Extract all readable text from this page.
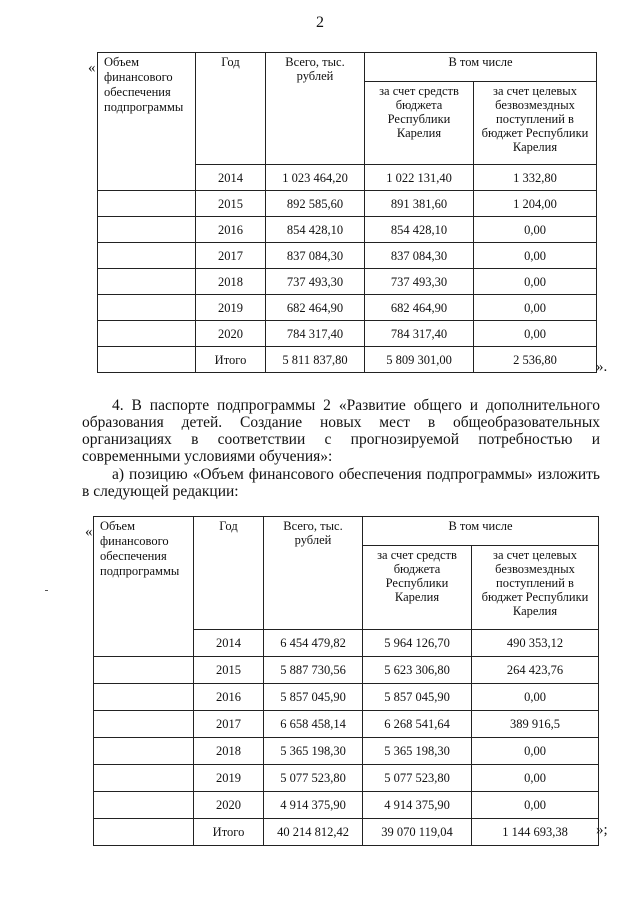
2
« Объем финансового обеспечения подпрограммы	Год	Всего, тыс. рублей	В том числе	
			за счет средств бюджета Республики Карелия	за счет целевых безвозмездных поступлений в бюджет Республики Карелия
	2014	1 023 464,20	1 022 131,40	1 332,80
	2015	892 585,60	891 381,60	1 204,00
	2016	854 428,10	854 428,10	0,00
	2017	837 084,30	837 084,30	0,00
	2018	737 493,30	737 493,30	0,00
	2019	682 464,90	682 464,90	0,00
	2020	784 317,40	784 317,40	0,00
	Итого	5 811 837,80	5 809 301,00	2 536,80	».

4. В паспорте подпрограммы 2 «Развитие общего и дополнительного образования детей. Создание новых мест в общеобразовательных организациях в соответствии с прогнозируемой потребностью и современными условиями обучения»:

а) позицию «Объем финансового обеспечения подпрограммы» изложить в следующей редакции:

« Объем финансового обеспечения подпрограммы	Год	Всего, тыс. рублей	В том числе	
			за счет средств бюджета Республики Карелия	за счет целевых безвозмездных поступлений в бюджет Республики Карелия
	2014	6 454 479,82	5 964 126,70	490 353,12
	2015	5 887 730,56	5 623 306,80	264 423,76
	2016	5 857 045,90	5 857 045,90	0,00
	2017	6 658 458,14	6 268 541,64	389 916,5
	2018	5 365 198,30	5 365 198,30	0,00
	2019	5 077 523,80	5 077 523,80	0,00
	2020	4 914 375,90	4 914 375,90	0,00
	Итого	40 214 812,42	39 070 119,04	1 144 693,38 »;
